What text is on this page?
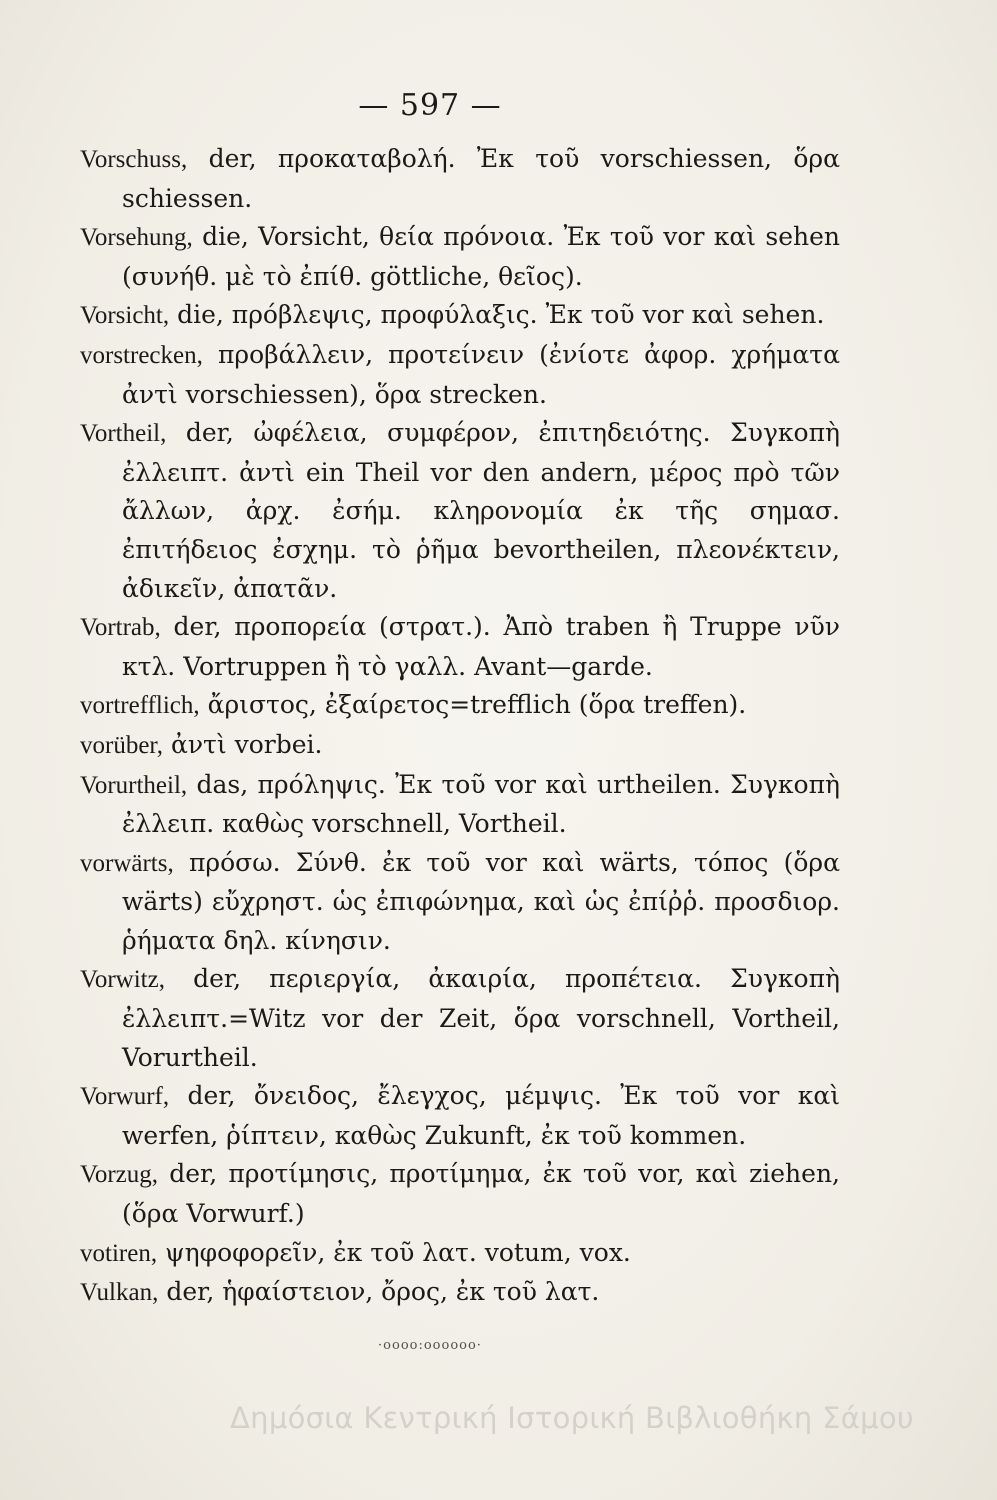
— 597 —

Vorschuss, der, προκαταβολή. Ἐκ τοῦ vorschiessen, ὅρα schiessen.

Vorsehung, die, Vorsicht, θεία πρόνοια. Ἐκ τοῦ vor καὶ sehen (συνήθ. μὲ τὸ ἐπίθ. göttliche, θεῖος).

Vorsicht, die, πρόβλεψις, προφύλαξις. Ἐκ τοῦ vor καὶ sehen.

vorstrecken, προβάλλειν, προτείνειν (ἐνίοτε ἀφορ. χρήματα ἀντὶ vorschiessen), ὅρα strecken.

Vortheil, der, ὠφέλεια, συμφέρον, ἐπιτηδειότης. Συγκοπὴ ἐλλειπτ. ἀντὶ ein Theil vor den andern, μέρος πρὸ τῶν ἄλλων, ἀρχ. ἐσήμ. κληρονομία ἐκ τῆς σημασ. ἐπιτήδειος ἐσχημ. τὸ ῥῆμα bevortheilen, πλεονέκτειν, ἀδικεῖν, ἀπατᾶν.

Vortrab, der, προπορεία (στρατ.). Ἀπὸ traben ἢ Truppe νῦν κτλ. Vortruppen ἢ τὸ γαλλ. Avant—garde.

vortrefflich, ἄριστος, ἐξαίρετος=trefflich (ὅρα treffen).

vorüber, ἀντὶ vorbei.

Vorurtheil, das, πρόληψις. Ἐκ τοῦ vor καὶ urtheilen. Συγκοπὴ ἐλλειπ. καθὼς vorschnell, Vortheil.

vorwärts, πρόσω. Σύνθ. ἐκ τοῦ vor καὶ wärts, τόπος (ὅρα wärts) εὔχρηστ. ὡς ἐπιφώνημα, καὶ ὡς ἐπίῤῥ. προσδιορ. ῥήματα δηλ. κίνησιν.

Vorwitz, der, περιεργία, ἀκαιρία, προπέτεια. Συγκοπὴ ἐλλειπτ.=Witz vor der Zeit, ὅρα vorschnell, Vortheil, Vorurtheil.

Vorwurf, der, ὄνειδος, ἔλεγχος, μέμψις. Ἐκ τοῦ vor καὶ werfen, ῥίπτειν, καθὼς Zukunft, ἐκ τοῦ kommen.

Vorzug, der, προτίμησις, προτίμημα, ἐκ τοῦ vor, καὶ ziehen, (ὅρα Vorwurf.)

votiren, ψηφοφορεῖν, ἐκ τοῦ λατ. votum, vox.

Vulkan, der, ἡφαίστειον, ὄρος, ἐκ τοῦ λατ.

·oooo:oooooo·
Δημόσια Κεντρική Ιστορική Βιβλιοθήκη Σάμου
